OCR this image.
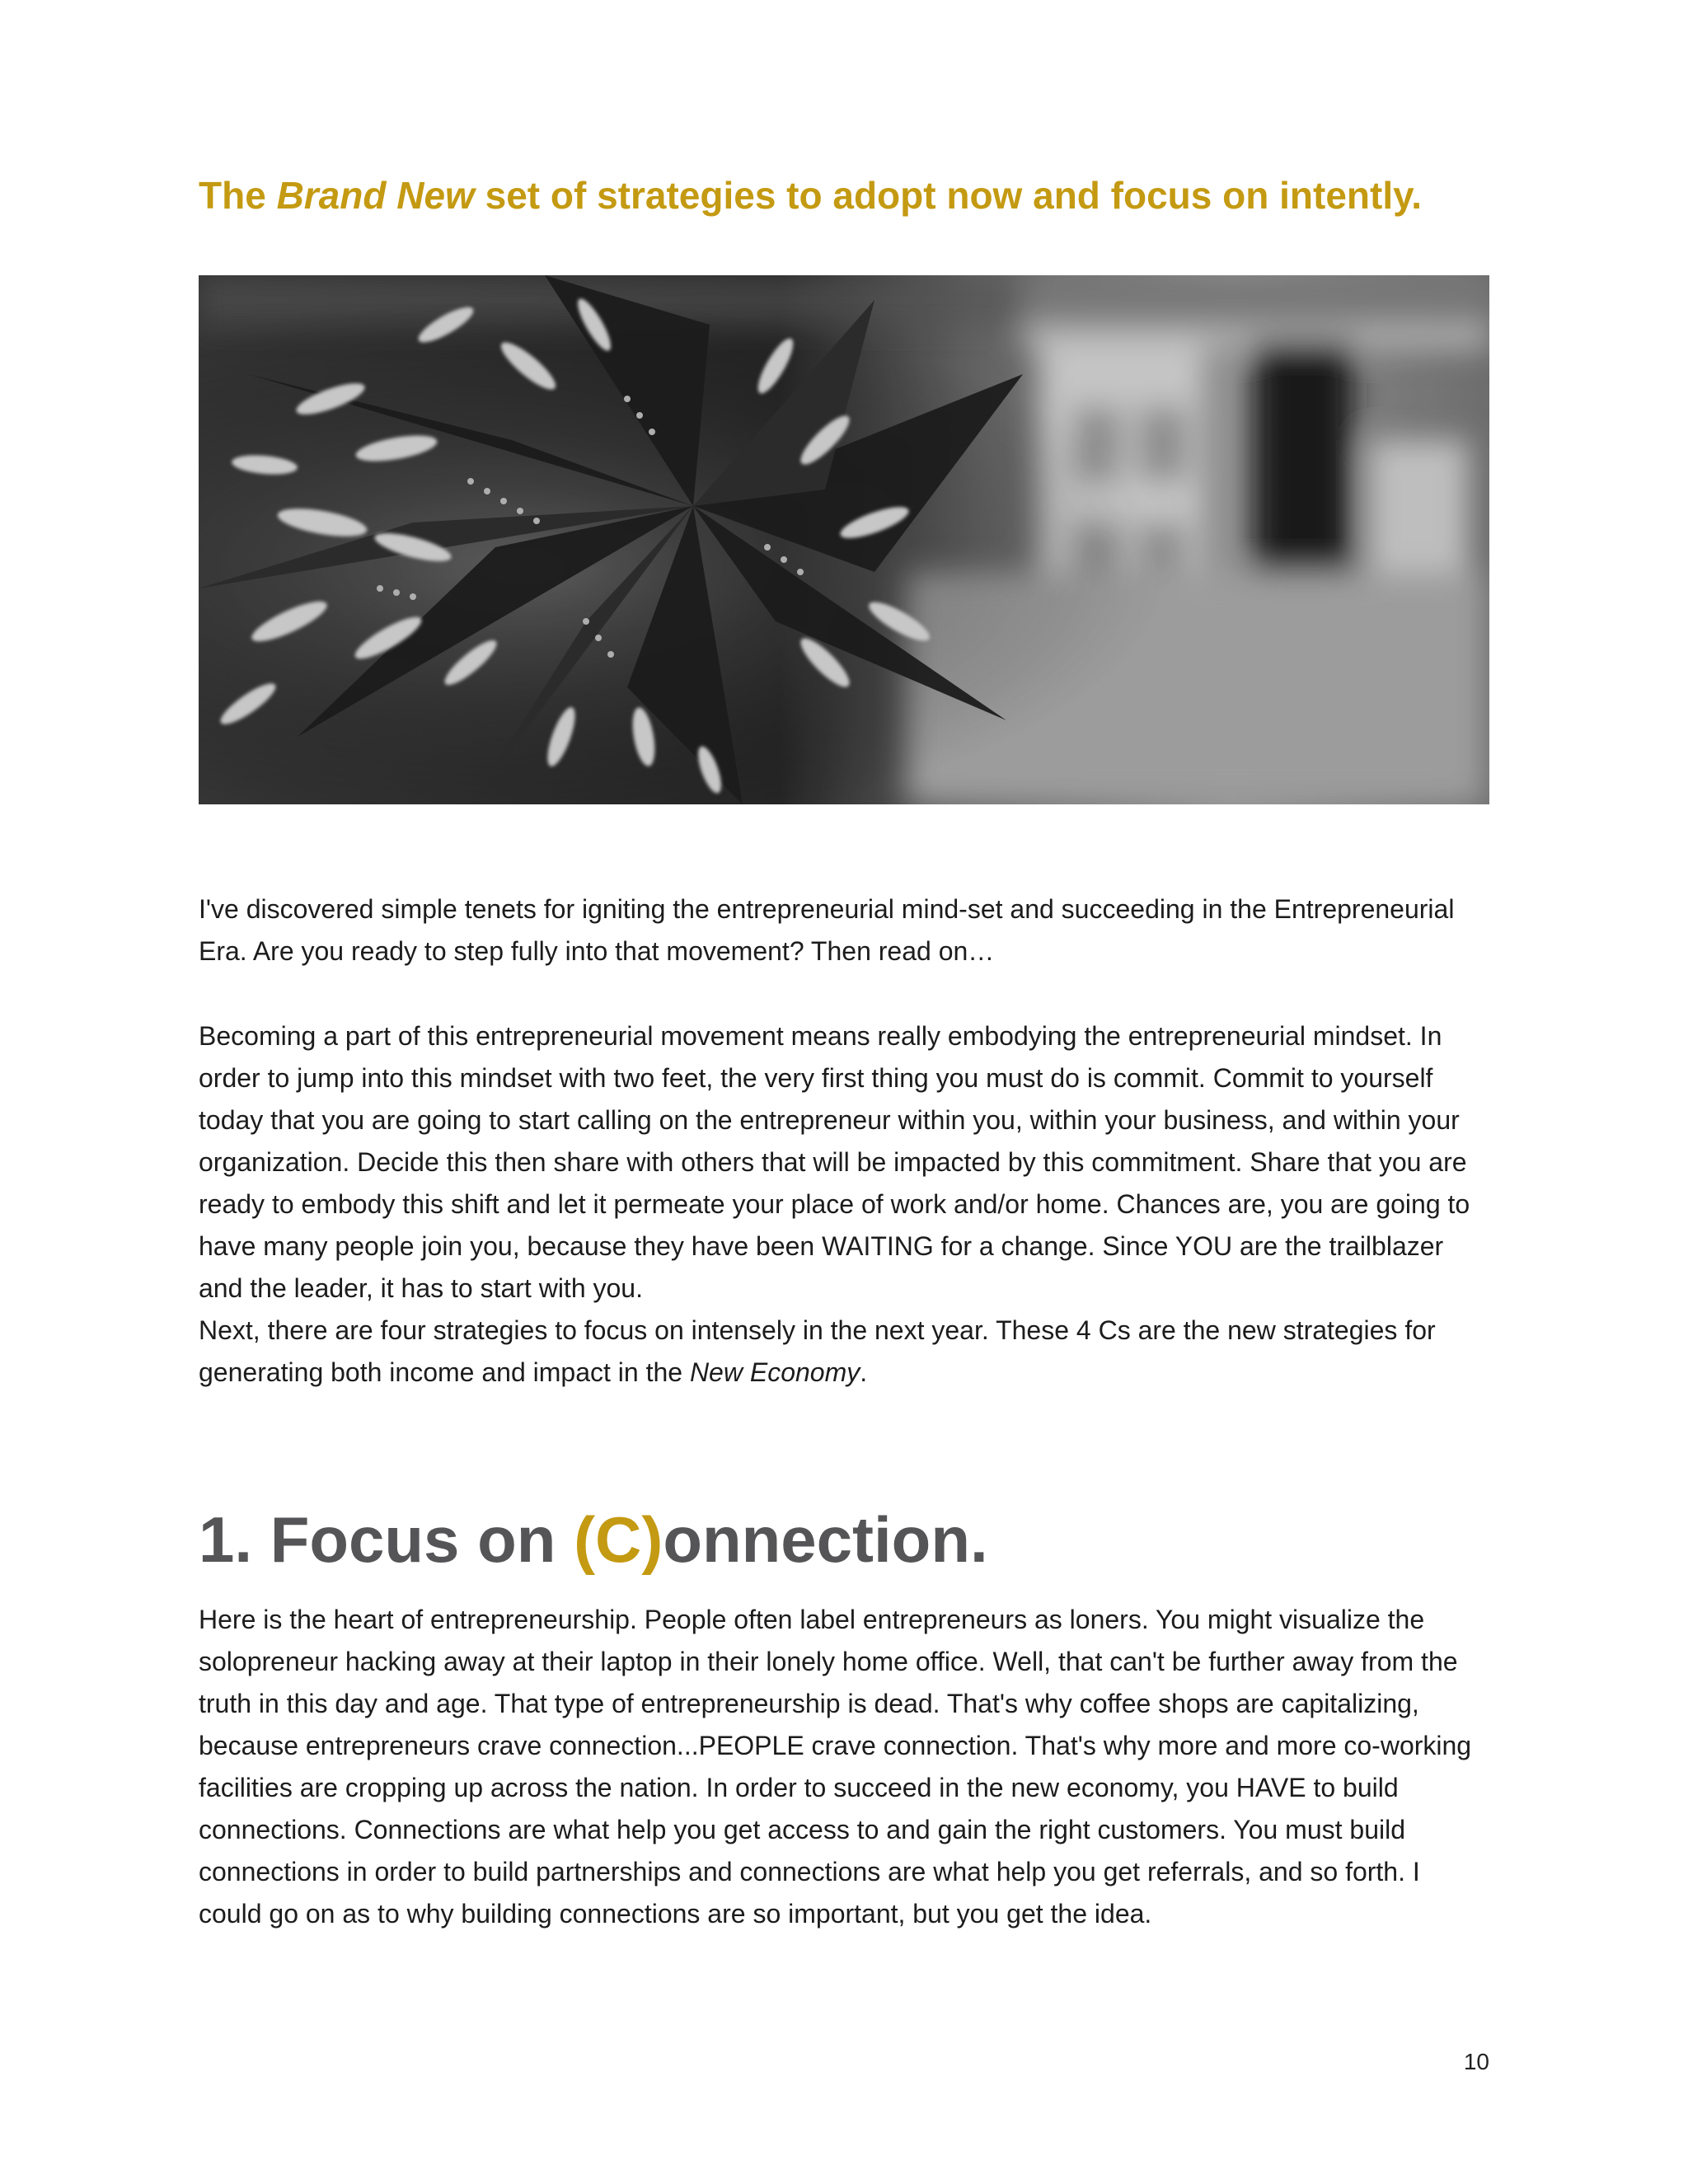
The Brand New set of strategies to adopt now and focus on intently.

I've discovered simple tenets for igniting the entrepreneurial mind-set and succeeding in the Entrepreneurial Era. Are you ready to step fully into that movement? Then read on…

Becoming a part of this entrepreneurial movement means really embodying the entrepreneurial mindset. In order to jump into this mindset with two feet, the very first thing you must do is commit. Commit to yourself today that you are going to start calling on the entrepreneur within you, within your business, and within your organization. Decide this then share with others that will be impacted by this commitment. Share that you are ready to embody this shift and let it permeate your place of work and/or home. Chances are, you are going to have many people join you, because they have been WAITING for a change. Since YOU are the trailblazer and the leader, it has to start with you.
Next, there are four strategies to focus on intensely in the next year. These 4 Cs are the new strategies for generating both income and impact in the New Economy.

1. Focus on (C)onnection.

Here is the heart of entrepreneurship. People often label entrepreneurs as loners. You might visualize the solopreneur hacking away at their laptop in their lonely home office. Well, that can't be further away from the truth in this day and age. That type of entrepreneurship is dead. That's why coffee shops are capitalizing, because entrepreneurs crave connection...PEOPLE crave connection. That's why more and more co-working facilities are cropping up across the nation. In order to succeed in the new economy, you HAVE to build connections. Connections are what help you get access to and gain the right customers. You must build connections in order to build partnerships and connections are what help you get referrals, and so forth. I could go on as to why building connections are so important, but you get the idea.

10
